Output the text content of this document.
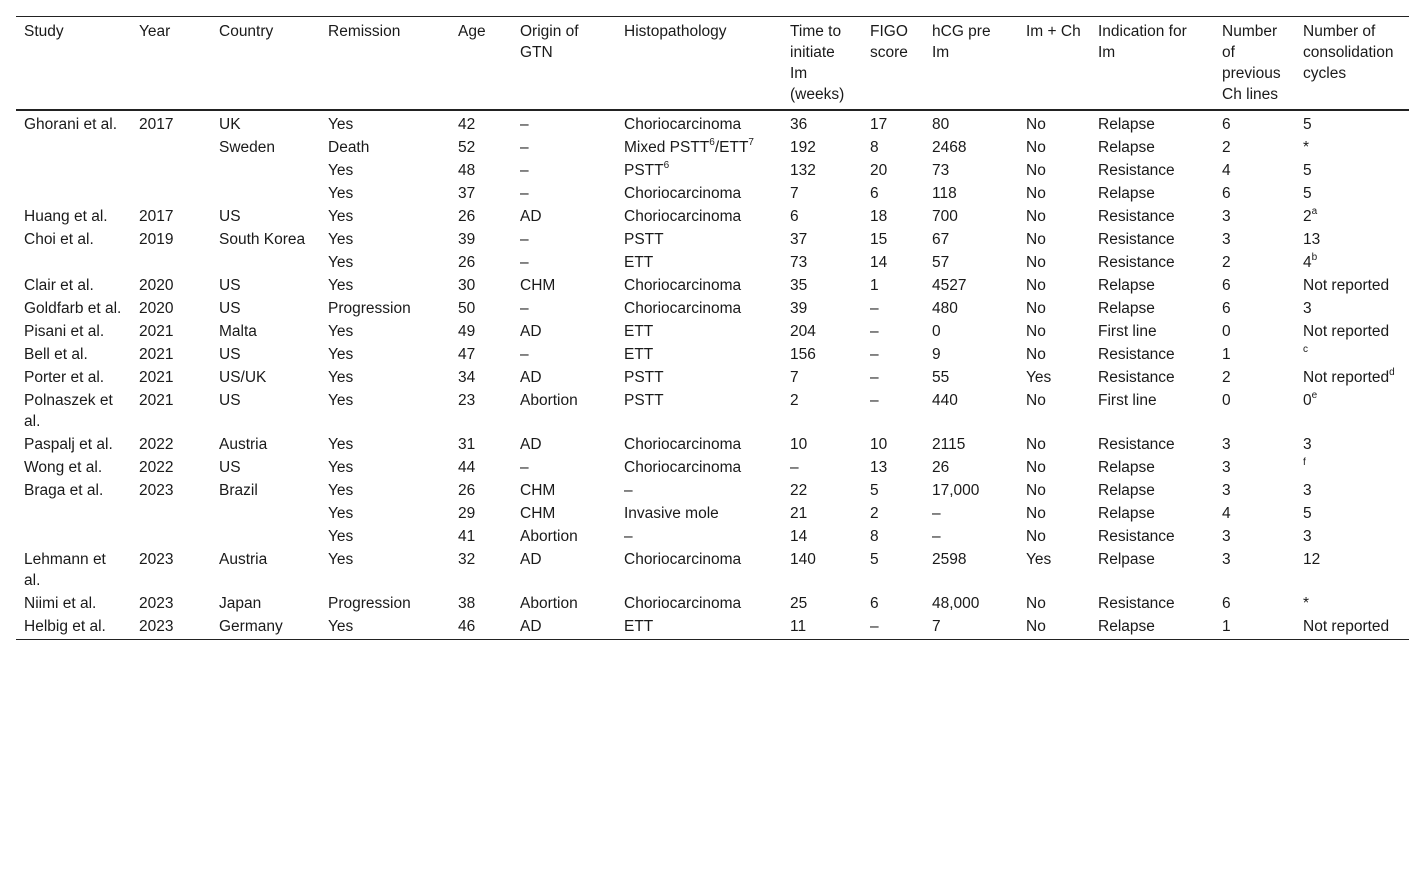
Study	Year	Country	Remission	Age	Origin of GTN	Histopathology	Time to initiate Im (weeks)	FIGO score	hCG pre Im	Im + Ch	Indication for Im	Number of previous Ch lines	Number of consolidation cycles
Ghorani et al.	2017	UK	Yes	42	–	Choriocarcinoma	36	17	80	No	Relapse	6	5
		Sweden	Death	52	–	Mixed PSTT$^6$/ETT$^7$	192	8	2468	No	Relapse	2	*
			Yes	48	–	PSTT$^6$	132	20	73	No	Resistance	4	5
			Yes	37	–	Choriocarcinoma	7	6	118	No	Relapse	6	5
Huang et al.	2017	US	Yes	26	AD	Choriocarcinoma	6	18	700	No	Resistance	3	2$^a$
Choi et al.	2019	South Korea	Yes	39	–	PSTT	37	15	67	No	Resistance	3	13
			Yes	26	–	ETT	73	14	57	No	Resistance	2	4$^b$
Clair et al.	2020	US	Yes	30	CHM	Choriocarcinoma	35	1	4527	No	Relapse	6	Not reported
Goldfarb et al.	2020	US	Progression	50	–	Choriocarcinoma	39	–	480	No	Relapse	6	3
Pisani et al.	2021	Malta	Yes	49	AD	ETT	204	–	0	No	First line	0	Not reported
Bell et al.	2021	US	Yes	47	–	ETT	156	–	9	No	Resistance	1	$^c$
Porter et al.	2021	US/UK	Yes	34	AD	PSTT	7	–	55	Yes	Resistance	2	Not reported$^d$
Polnaszek et al.	2021	US	Yes	23	Abortion	PSTT	2	–	440	No	First line	0	0e
Paspalj et al.	2022	Austria	Yes	31	AD	Choriocarcinoma	10	10	2115	No	Resistance	3	3
Wong et al.	2022	US	Yes	44	–	Choriocarcinoma	–	13	26	No	Relapse	3	$^f$
Braga et al.	2023	Brazil	Yes	26	CHM	–	22	5	17,000	No	Relapse	3	3
			Yes	29	CHM	Invasive mole	21	2	–	No	Relapse	4	5
			Yes	41	Abortion	–	14	8	–	No	Resistance	3	3
Lehmann et al.	2023	Austria	Yes	32	AD	Choriocarcinoma	140	5	2598	Yes	Relpase	3	12
Niimi et al.	2023	Japan	Progression	38	Abortion	Choriocarcinoma	25	6	48,000	No	Resistance	6	*
Helbig et al.	2023	Germany	Yes	46	AD	ETT	11	–	7	No	Relapse	1	Not reported
